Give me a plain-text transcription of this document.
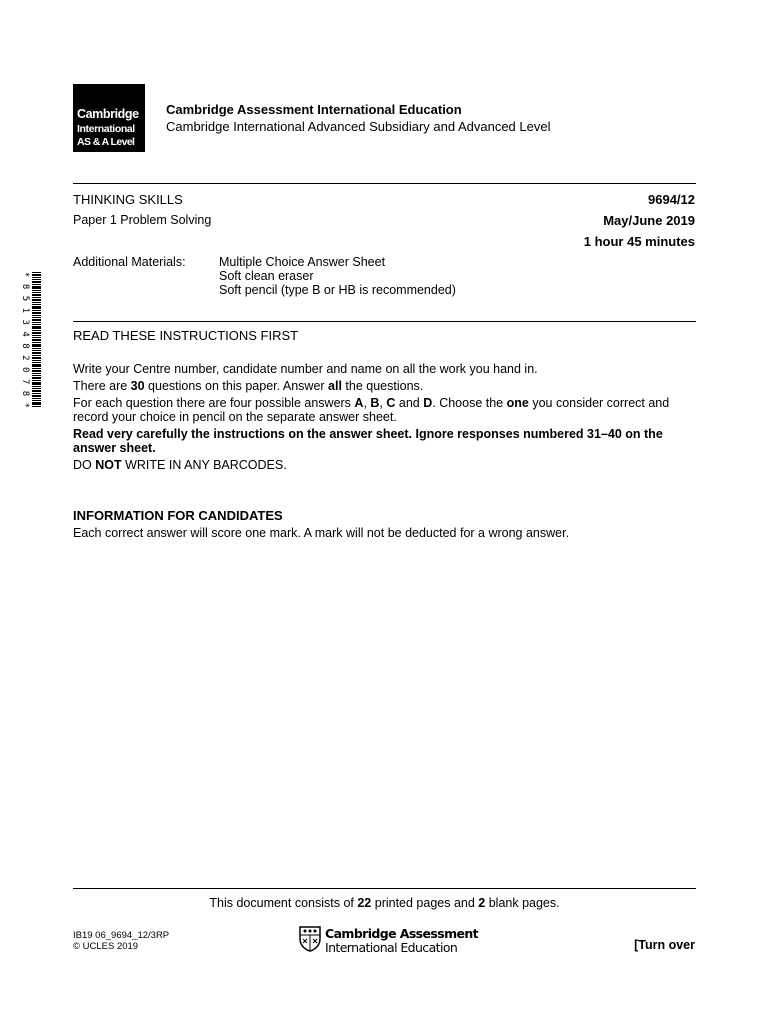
Cambridge
International
AS & A Level
Cambridge Assessment International Education
Cambridge International Advanced Subsidiary and Advanced Level
THINKING SKILLS	9694/12
Paper 1 Problem Solving	May/June 2019
1 hour 45 minutes
Additional Materials:	Multiple Choice Answer Sheet
Soft clean eraser
Soft pencil (type B or HB is recommended)
*8513482078*
READ THESE INSTRUCTIONS FIRST
Write your Centre number, candidate number and name on all the work you hand in.
There are 30 questions on this paper. Answer all the questions.
For each question there are four possible answers A, B, C and D. Choose the one you consider correct and record your choice in pencil on the separate answer sheet.
Read very carefully the instructions on the answer sheet. Ignore responses numbered 31–40 on the answer sheet.
DO NOT WRITE IN ANY BARCODES.
INFORMATION FOR CANDIDATES
Each correct answer will score one mark. A mark will not be deducted for a wrong answer.
This document consists of 22 printed pages and 2 blank pages.
IB19 06_9694_12/3RP
© UCLES 2019
Cambridge Assessment
International Education	[Turn over
